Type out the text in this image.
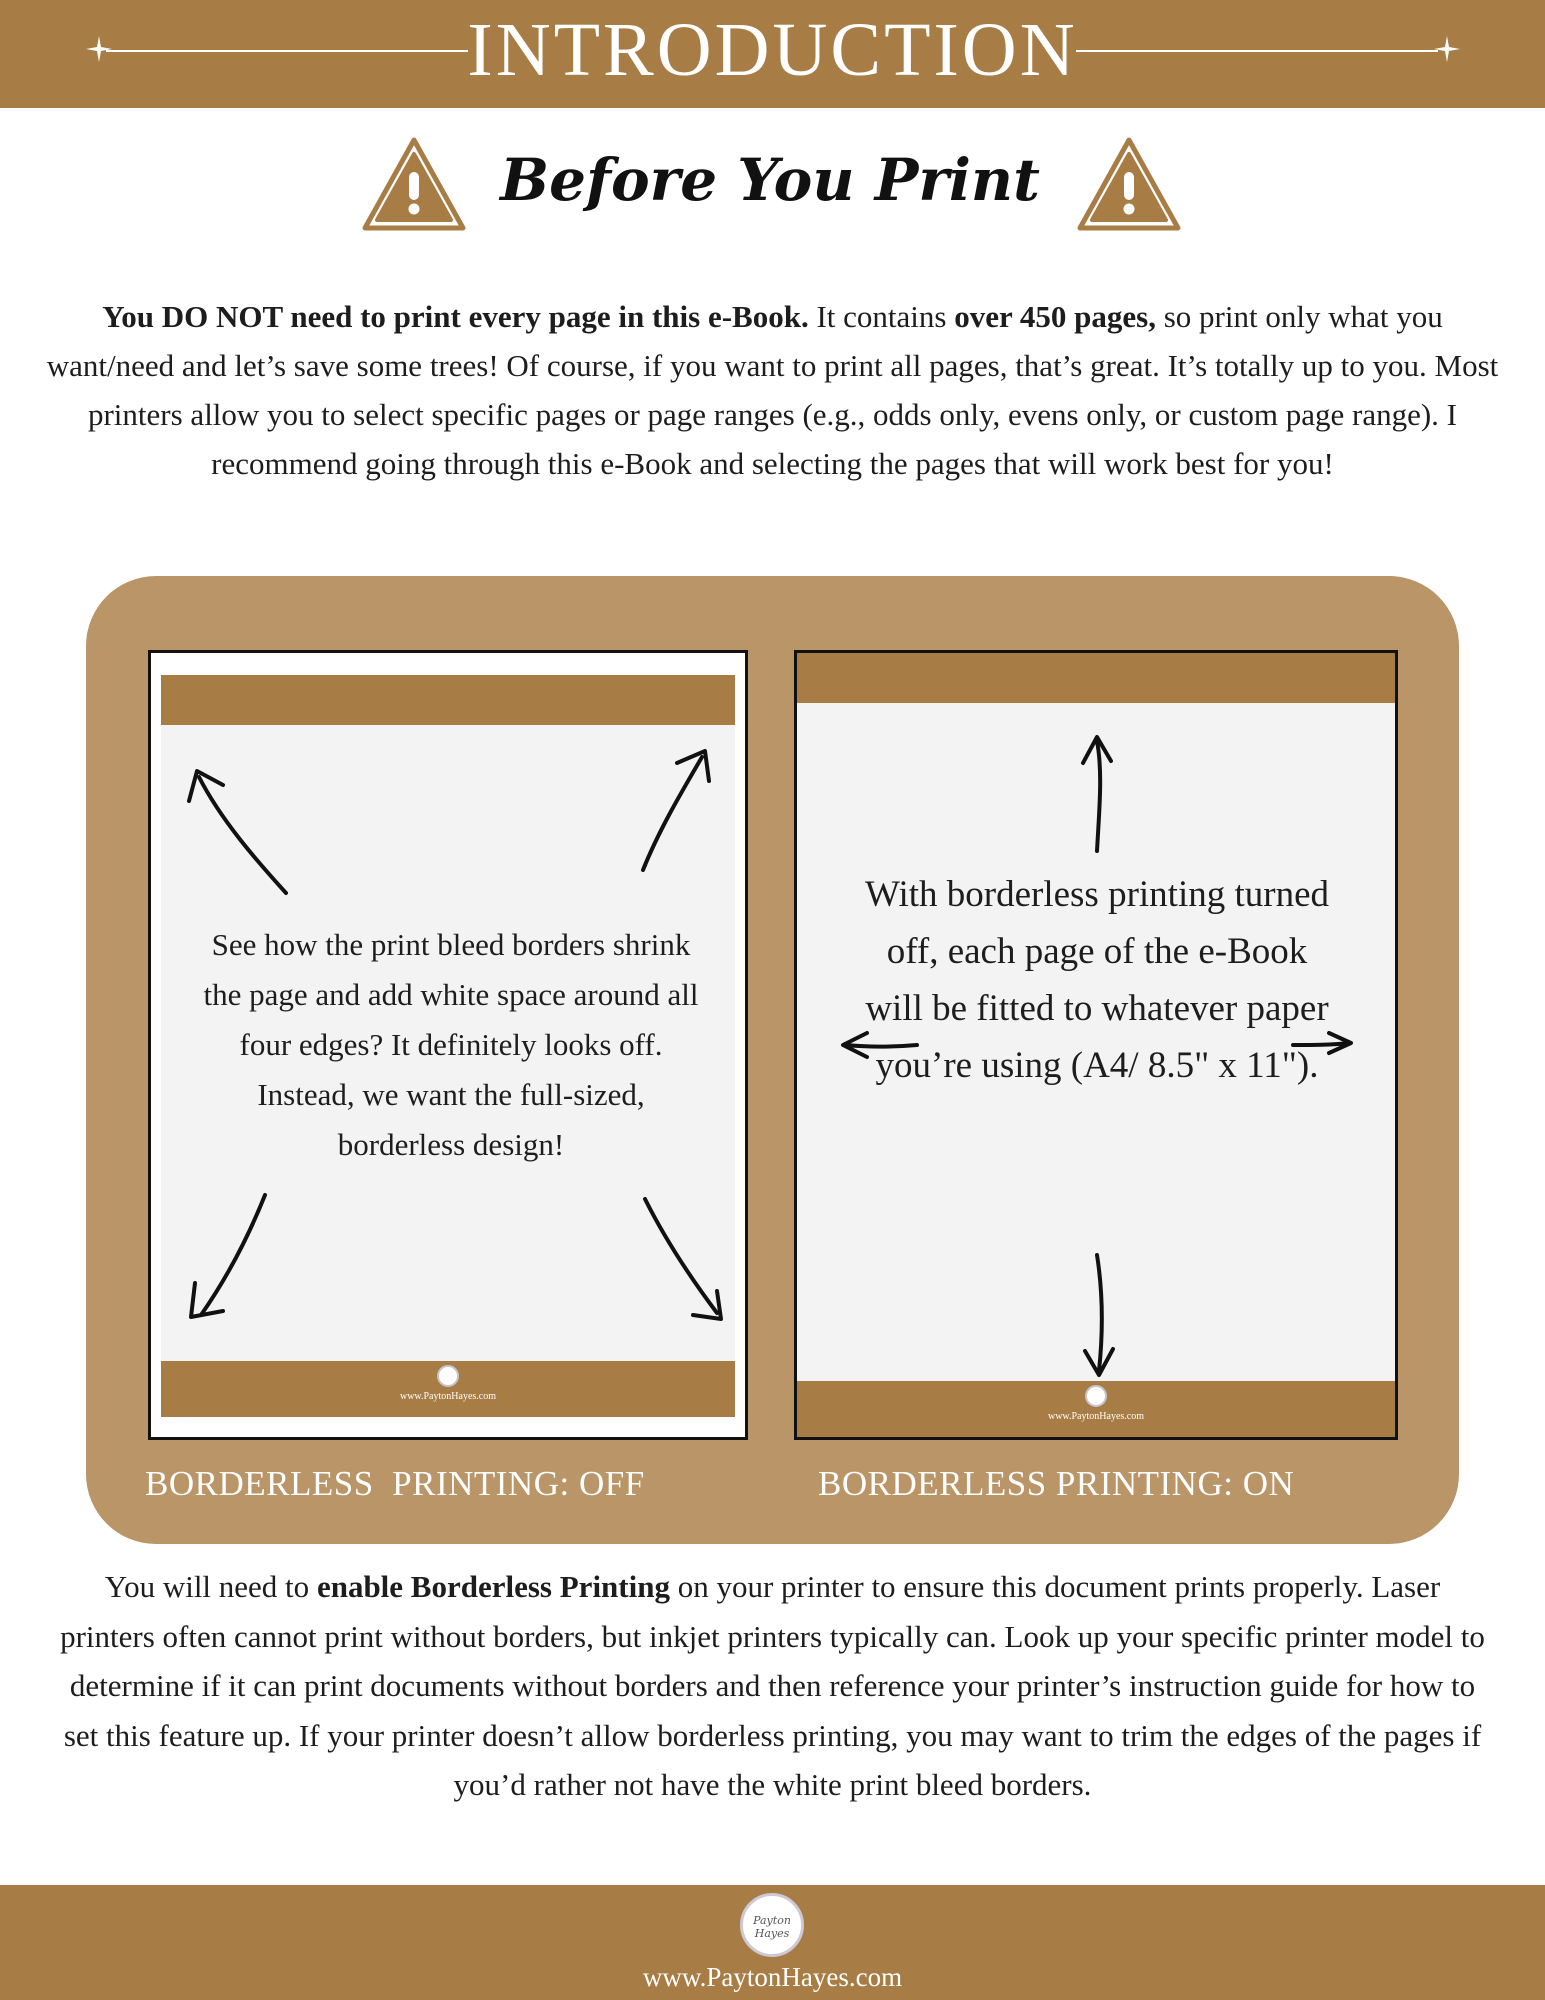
INTRODUCTION
Before You Print
You DO NOT need to print every page in this e-Book. It contains over 450 pages, so print only what you want/need and let’s save some trees! Of course, if you want to print all pages, that’s great. It’s totally up to you. Most printers allow you to select specific pages or page ranges (e.g., odds only, evens only, or custom page range). I recommend going through this e-Book and selecting the pages that will work best for you!
See how the print bleed borders shrink the page and add white space around all four edges? It definitely looks off. Instead, we want the full-sized, borderless design!
www.PaytonHayes.com
With borderless printing turned off, each page of the e-Book will be fitted to whatever paper you’re using (A4/ 8.5" x 11").
www.PaytonHayes.com
BORDERLESS  PRINTING: OFF	BORDERLESS PRINTING: ON
You will need to enable Borderless Printing on your printer to ensure this document prints properly. Laser printers often cannot print without borders, but inkjet printers typically can. Look up your specific printer model to determine if it can print documents without borders and then reference your printer’s instruction guide for how to set this feature up. If your printer doesn’t allow borderless printing, you may want to trim the edges of the pages if you’d rather not have the white print bleed borders.
Payton Hayes
www.PaytonHayes.com
